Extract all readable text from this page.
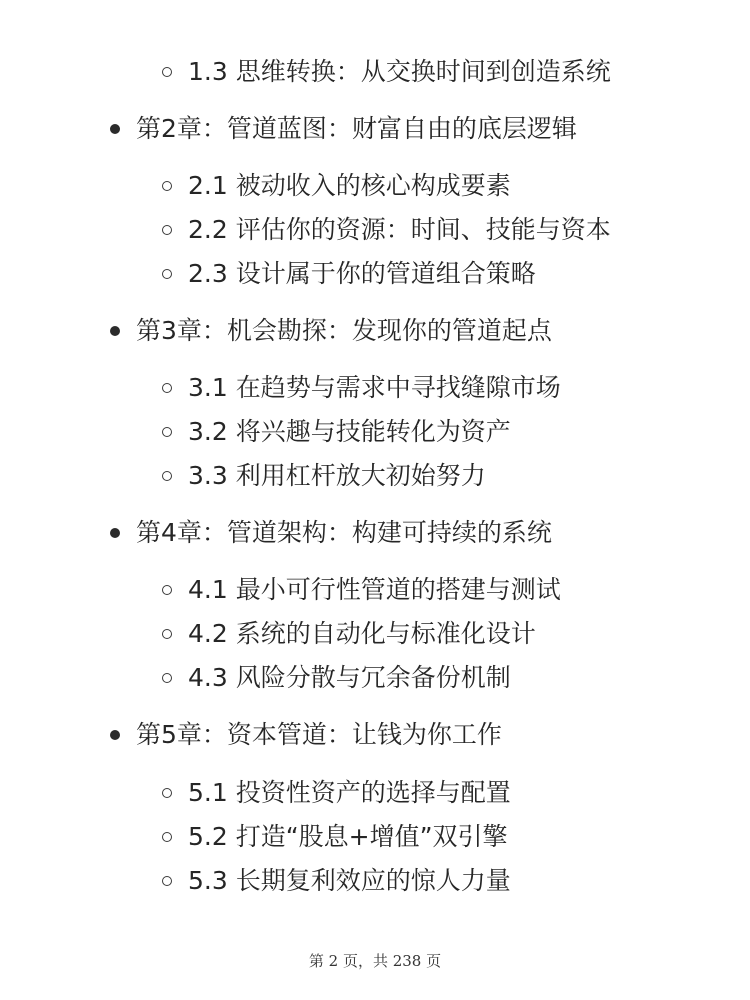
1.3 思维转换：从交换时间到创造系统
第2章：管道蓝图：财富自由的底层逻辑
2.1 被动收入的核心构成要素
2.2 评估你的资源：时间、技能与资本
2.3 设计属于你的管道组合策略
第3章：机会勘探：发现你的管道起点
3.1 在趋势与需求中寻找缝隙市场
3.2 将兴趣与技能转化为资产
3.3 利用杠杆放大初始努力
第4章：管道架构：构建可持续的系统
4.1 最小可行性管道的搭建与测试
4.2 系统的自动化与标准化设计
4.3 风险分散与冗余备份机制
第5章：资本管道：让钱为你工作
5.1 投资性资产的选择与配置
5.2 打造“股息+增值”双引擎
5.3 长期复利效应的惊人力量
第 2 页，共 238 页
